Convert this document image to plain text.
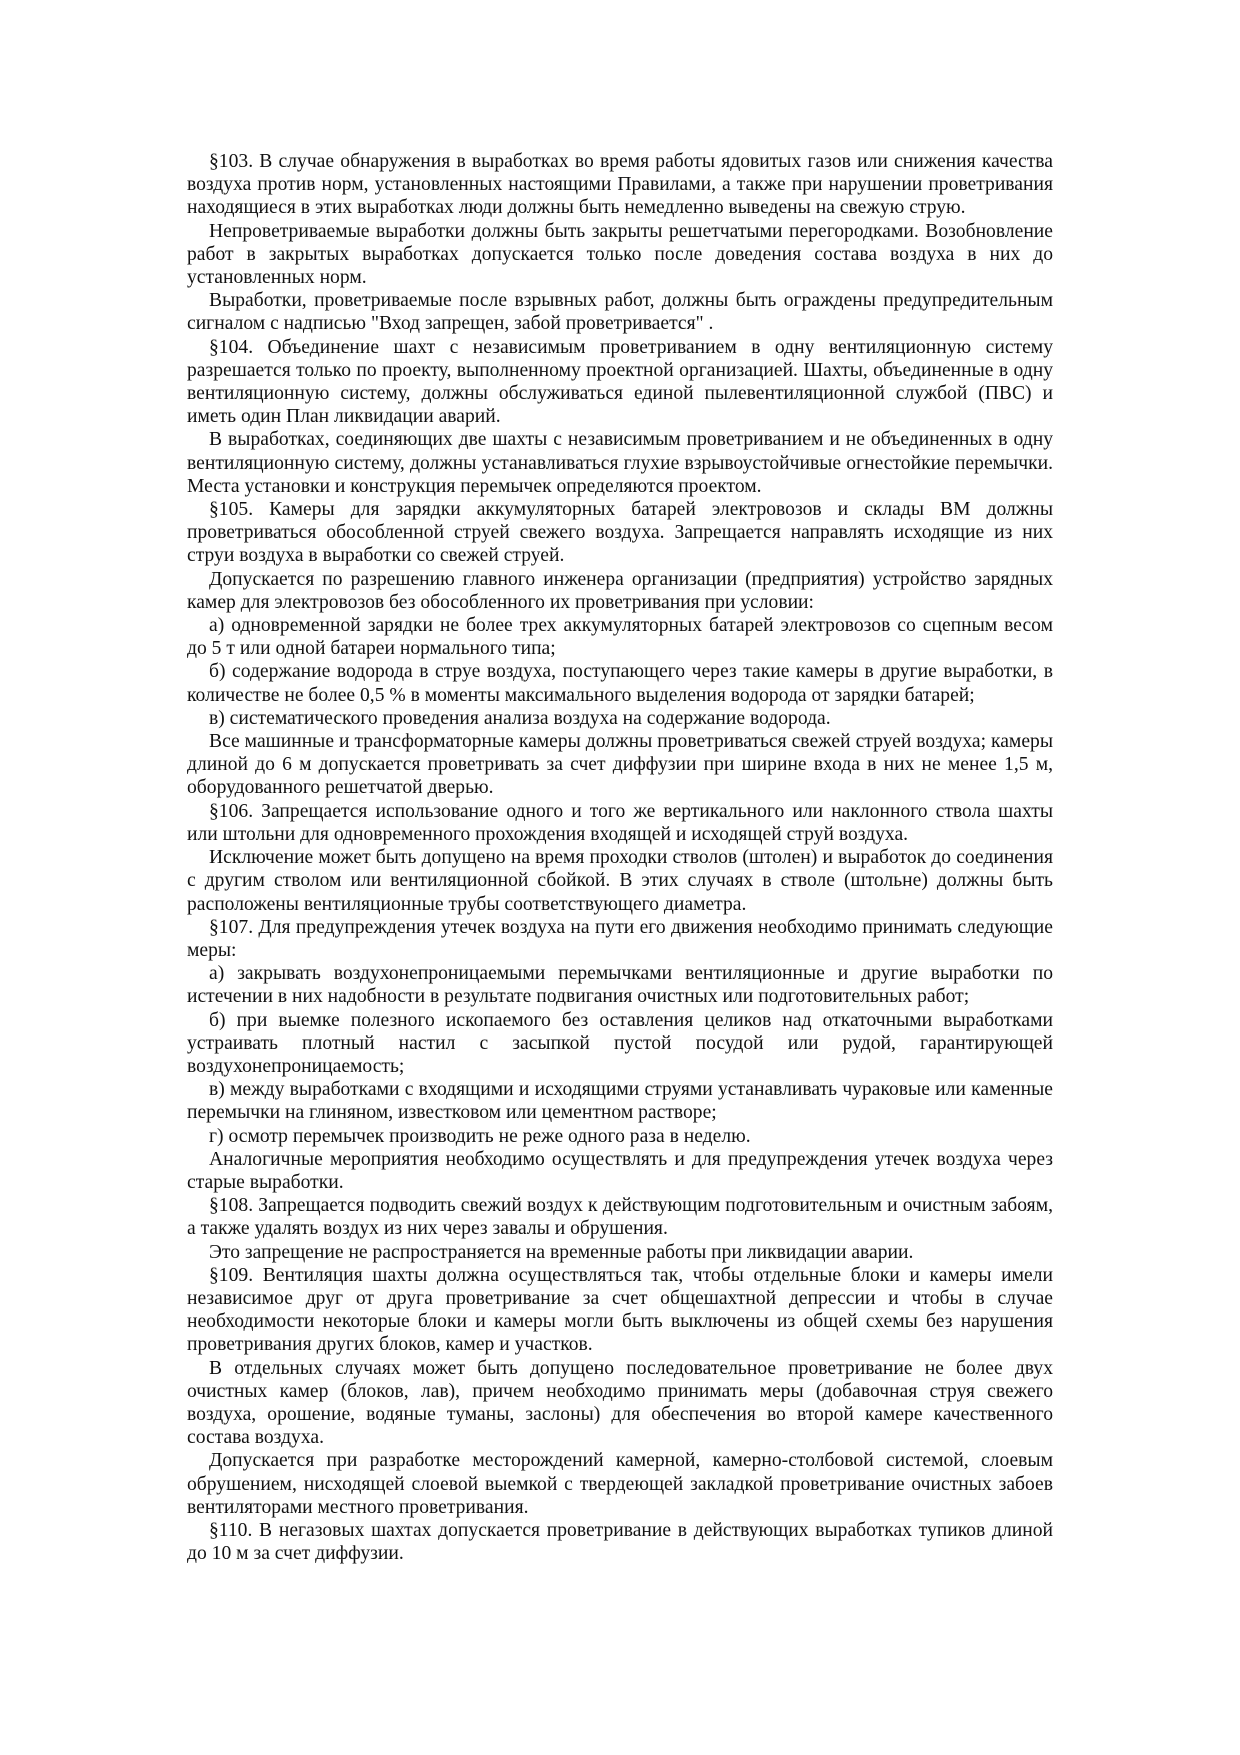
§103. В случае обнаружения в выработках во время работы ядовитых газов или снижения качества воздуха против норм, установленных настоящими Правилами, а также при нарушении проветривания находящиеся в этих выработках люди должны быть немедленно выведены на свежую струю.

Непроветриваемые выработки должны быть закрыты решетчатыми перегородками. Возобновление работ в закрытых выработках допускается только после доведения состава воздуха в них до установленных норм.

Выработки, проветриваемые после взрывных работ, должны быть ограждены предупредительным сигналом с надписью "Вход запрещен, забой проветривается" .

§104. Объединение шахт с независимым проветриванием в одну вентиляционную систему разрешается только по проекту, выполненному проектной организацией. Шахты, объединенные в одну вентиляционную систему, должны обслуживаться единой пылевентиляционной службой (ПВС) и иметь один План ликвидации аварий.

В выработках, соединяющих две шахты с независимым проветриванием и не объединенных в одну вентиляционную систему, должны устанавливаться глухие взрывоустойчивые огнестойкие перемычки. Места установки и конструкция перемычек определяются проектом.

§105. Камеры для зарядки аккумуляторных батарей электровозов и склады ВМ должны проветриваться обособленной струей свежего воздуха. Запрещается направлять исходящие из них струи воздуха в выработки со свежей струей.

Допускается по разрешению главного инженера организации (предприятия) устройство зарядных камер для электровозов без обособленного их проветривания при условии:

а) одновременной зарядки не более трех аккумуляторных батарей электровозов со сцепным весом до 5 т или одной батареи нормального типа;

б) содержание водорода в струе воздуха, поступающего через такие камеры в другие выработки, в количестве не более 0,5 % в моменты максимального выделения водорода от зарядки батарей;

в) систематического проведения анализа воздуха на содержание водорода.

Все машинные и трансформаторные камеры должны проветриваться свежей струей воздуха; камеры длиной до 6 м допускается проветривать за счет диффузии при ширине входа в них не менее 1,5 м, оборудованного решетчатой дверью.

§106. Запрещается использование одного и того же вертикального или наклонного ствола шахты или штольни для одновременного прохождения входящей и исходящей струй воздуха.

Исключение может быть допущено на время проходки стволов (штолен) и выработок до соединения с другим стволом или вентиляционной сбойкой. В этих случаях в стволе (штольне) должны быть расположены вентиляционные трубы соответствующего диаметра.

§107. Для предупреждения утечек воздуха на пути его движения необходимо принимать следующие меры:

а) закрывать воздухонепроницаемыми перемычками вентиляционные и другие выработки по истечении в них надобности в результате подвигания очистных или подготовительных работ;

б) при выемке полезного ископаемого без оставления целиков над откаточными выработками устраивать плотный настил с засыпкой пустой посудой или рудой, гарантирующей воздухонепроницаемость;

в) между выработками с входящими и исходящими струями устанавливать чураковые или каменные перемычки на глиняном, известковом или цементном растворе;

г) осмотр перемычек производить не реже одного раза в неделю.

Аналогичные мероприятия необходимо осуществлять и для предупреждения утечек воздуха через старые выработки.

§108. Запрещается подводить свежий воздух к действующим подготовительным и очистным забоям, а также удалять воздух из них через завалы и обрушения.

Это запрещение не распространяется на временные работы при ликвидации аварии.

§109. Вентиляция шахты должна осуществляться так, чтобы отдельные блоки и камеры имели независимое друг от друга проветривание за счет общешахтной депрессии и чтобы в случае необходимости некоторые блоки и камеры могли быть выключены из общей схемы без нарушения проветривания других блоков, камер и участков.

В отдельных случаях может быть допущено последовательное проветривание не более двух очистных камер (блоков, лав), причем необходимо принимать меры (добавочная струя свежего воздуха, орошение, водяные туманы, заслоны) для обеспечения во второй камере качественного состава воздуха.

Допускается при разработке месторождений камерной, камерно-столбовой системой, слоевым обрушением, нисходящей слоевой выемкой с твердеющей закладкой проветривание очистных забоев вентиляторами местного проветривания.

§110. В негазовых шахтах допускается проветривание в действующих выработках тупиков длиной до 10 м за счет диффузии.
